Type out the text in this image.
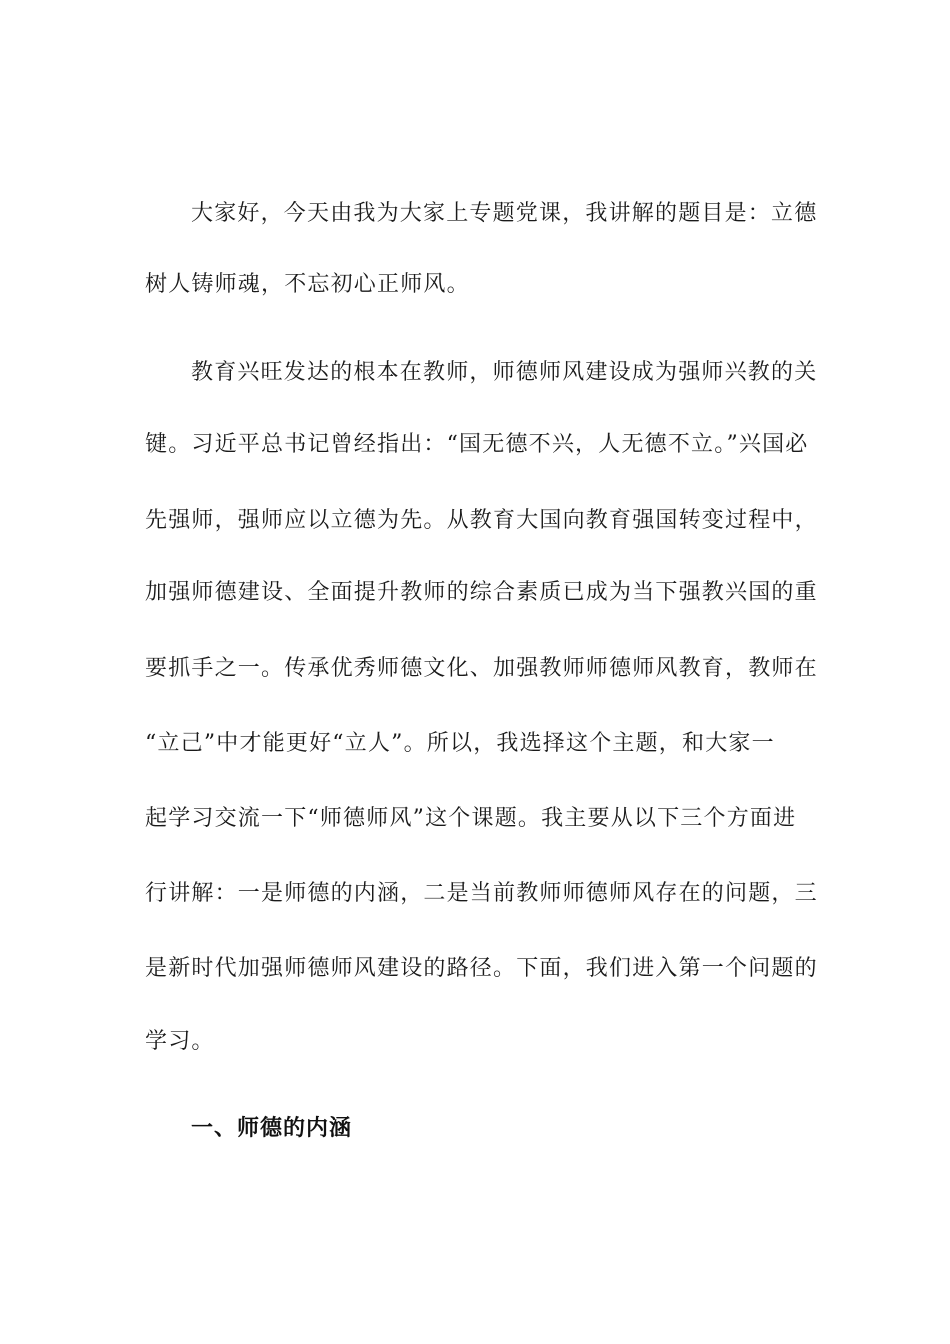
大家好，今天由我为大家上专题党课，我讲解的题目是：立德

树人铸师魂，不忘初心正师风。

教育兴旺发达的根本在教师，师德师风建设成为强师兴教的关

键。习近平总书记曾经指出：“国无德不兴，人无德不立。”兴国必

先强师，强师应以立德为先。从教育大国向教育强国转变过程中，

加强师德建设、全面提升教师的综合素质已成为当下强教兴国的重

要抓手之一。传承优秀师德文化、加强教师师德师风教育，教师在

“立己”中才能更好“立人”。所以，我选择这个主题，和大家一

起学习交流一下“师德师风”这个课题。我主要从以下三个方面进

行讲解：一是师德的内涵，二是当前教师师德师风存在的问题，三

是新时代加强师德师风建设的路径。下面，我们进入第一个问题的

学习。

一、师德的内涵
